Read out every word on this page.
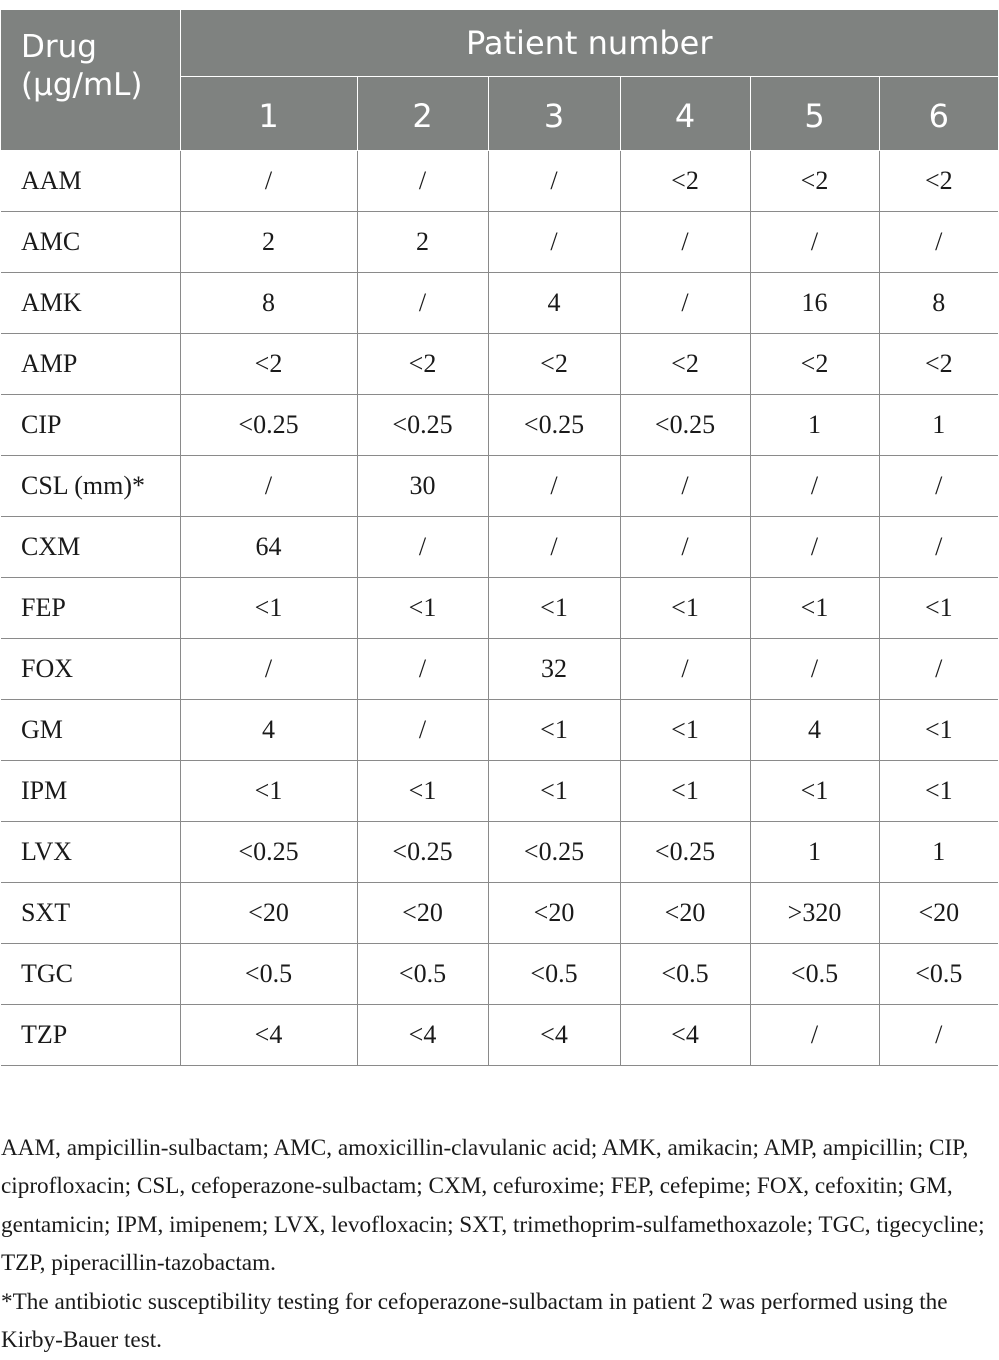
Drug
(µg/mL)	Patient number					
	1	2	3	4	5	6
AAM	/	/	/	<2	<2	<2
AMC	2	2	/	/	/	/
AMK	8	/	4	/	16	8
AMP	<2	<2	<2	<2	<2	<2
CIP	<0.25	<0.25	<0.25	<0.25	1	1
CSL (mm)*	/	30	/	/	/	/
CXM	64	/	/	/	/	/
FEP	<1	<1	<1	<1	<1	<1
FOX	/	/	32	/	/	/
GM	4	/	<1	<1	4	<1
IPM	<1	<1	<1	<1	<1	<1
LVX	<0.25	<0.25	<0.25	<0.25	1	1
SXT	<20	<20	<20	<20	>320	<20
TGC	<0.5	<0.5	<0.5	<0.5	<0.5	<0.5
TZP	<4	<4	<4	<4	/	/

AAM, ampicillin-sulbactam; AMC, amoxicillin-clavulanic acid; AMK, amikacin; AMP, ampicillin; CIP, ciprofloxacin; CSL, cefoperazone-sulbactam; CXM, cefuroxime; FEP, cefepime; FOX, cefoxitin; GM, gentamicin; IPM, imipenem; LVX, levofloxacin; SXT, trimethoprim-sulfamethoxazole; TGC, tigecycline; TZP, piperacillin-tazobactam.

*The antibiotic susceptibility testing for cefoperazone-sulbactam in patient 2 was performed using the Kirby-Bauer test.
